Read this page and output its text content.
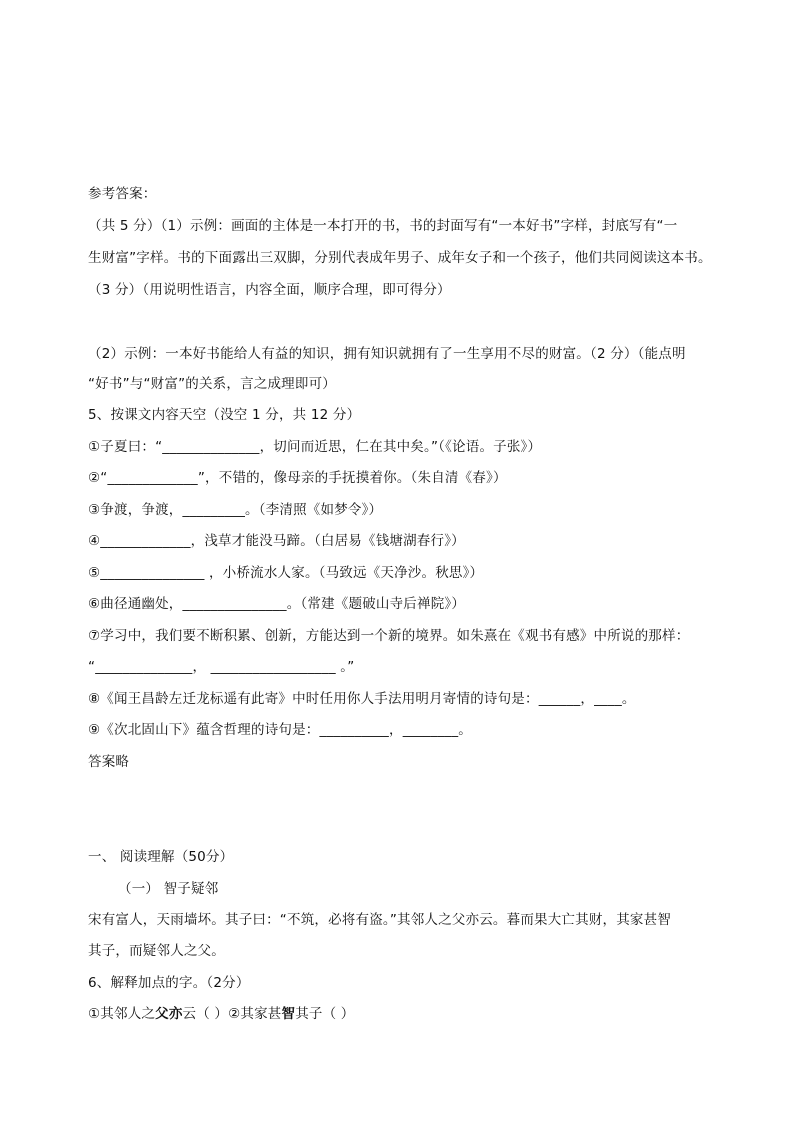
参考答案：
（共 5 分）（1）示例：画面的主体是一本打开的书，书的封面写有“一本好书”字样，封底写有“一
生财富”字样。书的下面露出三双脚，分别代表成年男子、成年女子和一个孩子，他们共同阅读这本书。
（3 分）（用说明性语言，内容全面，顺序合理，即可得分）
（2）示例：一本好书能给人有益的知识，拥有知识就拥有了一生享用不尽的财富。（2 分）（能点明
“好书”与“财富”的关系，言之成理即可）
5、按课文内容天空（没空 1 分，共 12 分）
①子夏曰：“______________，切问而近思，仁在其中矣。”（《论语。子张》）
②“_____________”，不错的，像母亲的手抚摸着你。（朱自清《春》）
③争渡，争渡，_________。（李清照《如梦令》）
④_____________，浅草才能没马蹄。（白居易《钱塘湖春行》）
⑤_______________ ，小桥流水人家。（马致远《天净沙。秋思》）
⑥曲径通幽处，_______________。（常建《题破山寺后禅院》）
⑦学习中，我们要不断积累、创新，方能达到一个新的境界。如朱熹在《观书有感》中所说的那样：
“______________， __________________ 。”
⑧《闻王昌龄左迁龙标遥有此寄》中时任用你人手法用明月寄情的诗句是：______，____。
⑨《次北固山下》蕴含哲理的诗句是：__________，________。
答案略
一、 阅读理解（50分）
（一） 智子疑邻
宋有富人，天雨墙坏。其子曰：“不筑，必将有盗。”其邻人之父亦云。暮而果大亡其财，其家甚智
其子，而疑邻人之父。
6、解释加点的字。（2分）
①其邻人之父亦云（ ）②其家甚智其子（ ）
